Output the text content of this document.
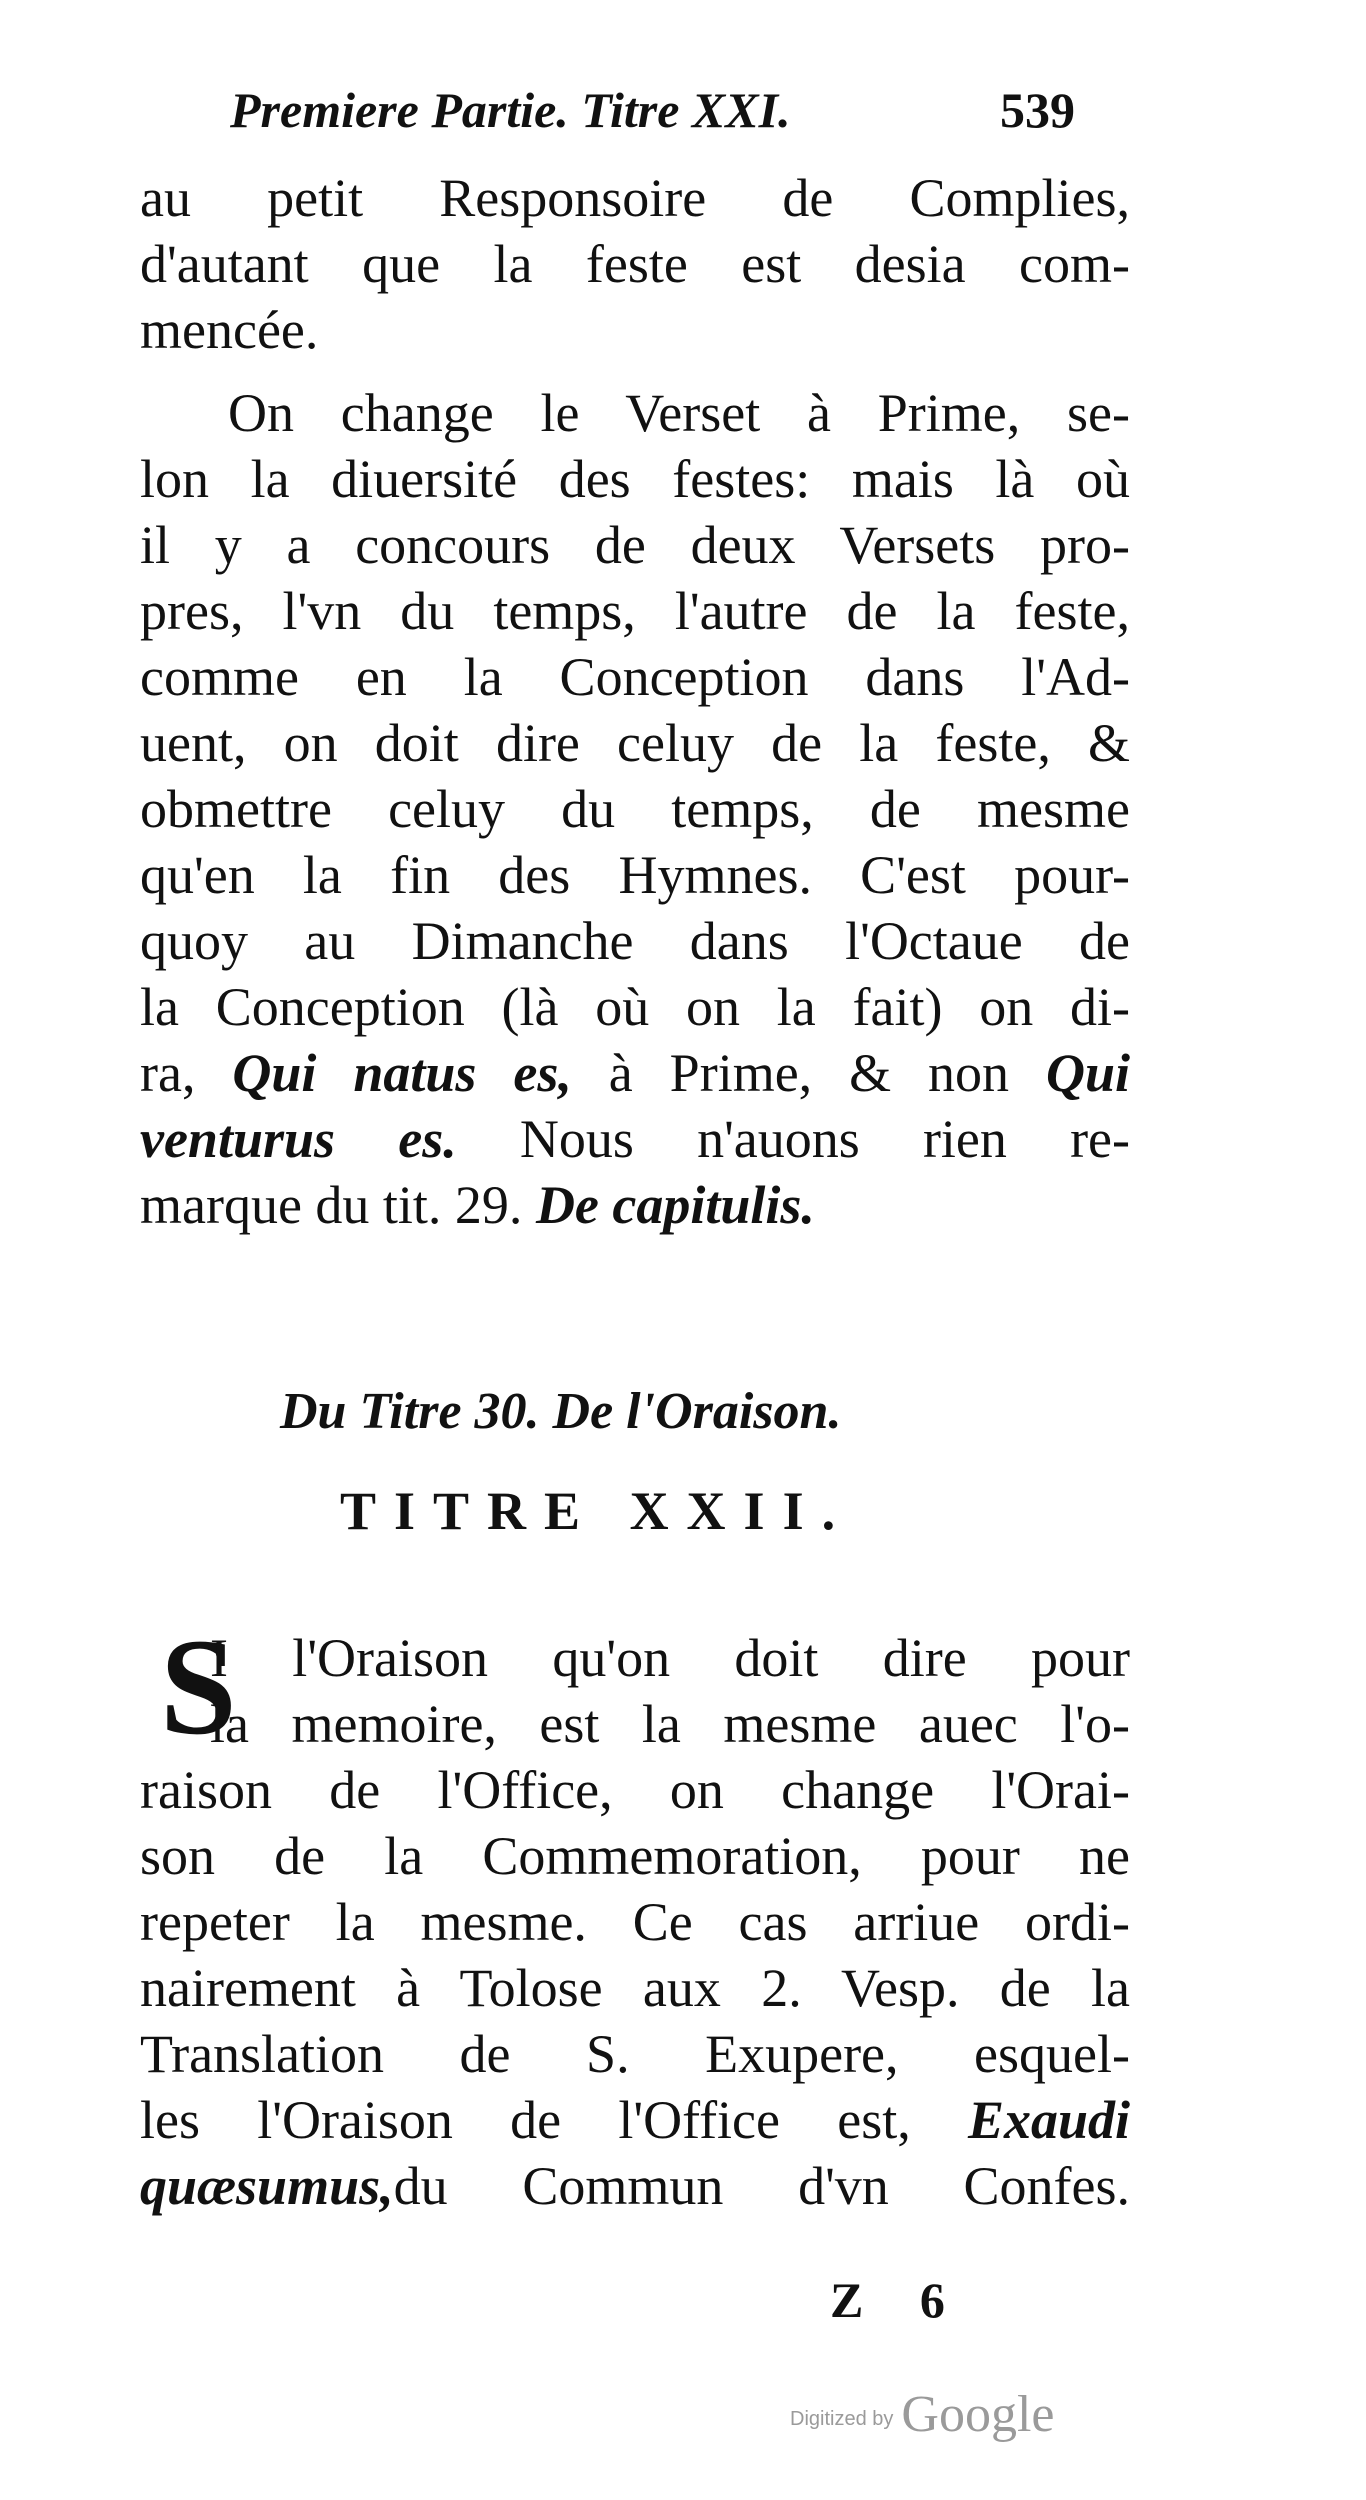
Premiere Partie. Titre XXI.	539
au petit Responsoire de Complies,
d'autant que la feste est desia com-
mencée.
On change le Verset à Prime, se-
lon la diuersité des festes: mais là où
il y a concours de deux Versets pro-
pres, l'vn du temps, l'autre de la feste,
comme en la Conception dans l'Ad-
uent, on doit dire celuy de la feste, &
obmettre celuy du temps, de mesme
qu'en la fin des Hymnes. C'est pour-
quoy au Dimanche dans l'Octaue de
la Conception (là où on la fait) on di-
ra, Qui natus es, à Prime, & non Qui
venturus es. Nous n'auons rien re-
marque du tit. 29. De capitulis.
Du Titre 30. De l'Oraison.
TITRE XXII.
S
I l'Oraison qu'on doit dire pour
la memoire, est la mesme auec l'o-
raison de l'Office, on change l'Orai-
son de la Commemoration, pour ne
repeter la mesme. Ce cas arriue ordi-
nairement à Tolose aux 2. Vesp. de la
Translation de S. Exupere, esquel-
les l'Oraison de l'Office est, Exaudi
quæsumus,du Commun d'vn Confes.
Z 6
Digitized by Google
